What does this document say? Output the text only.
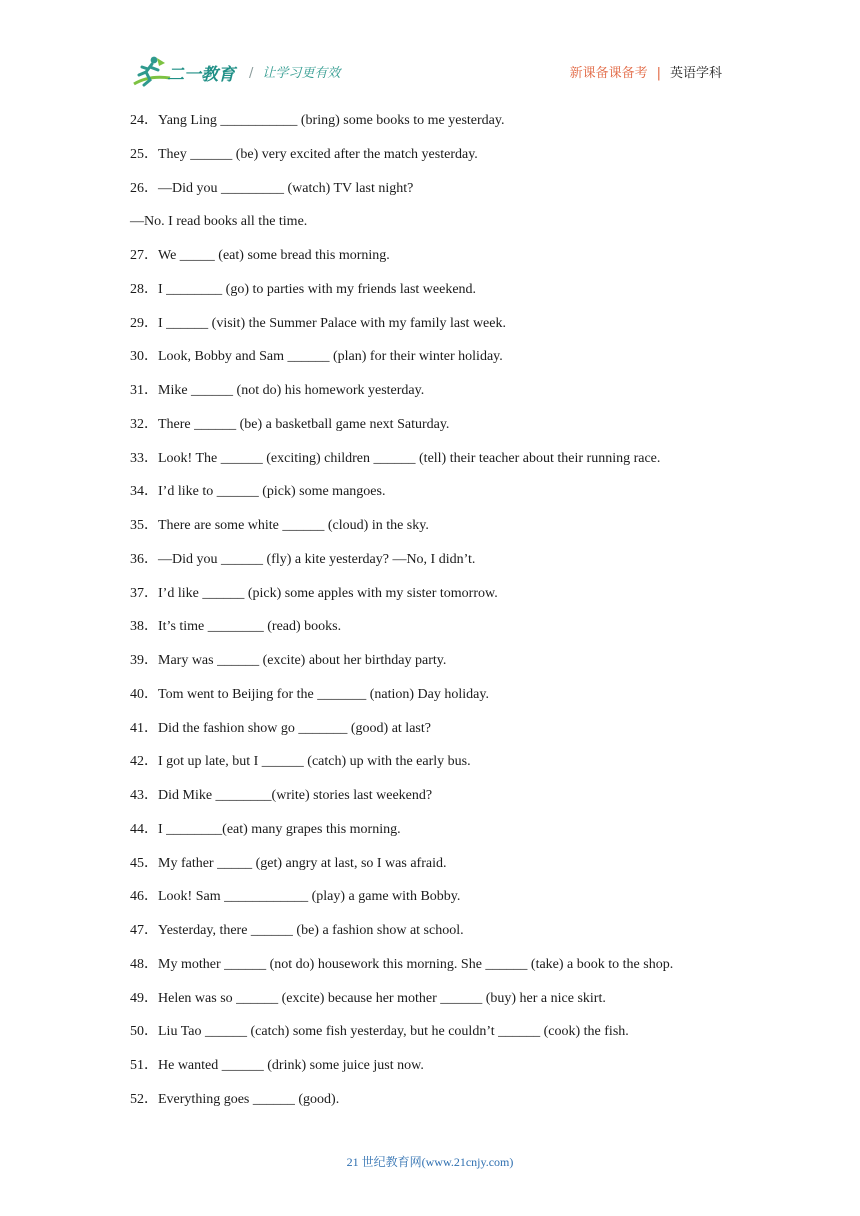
二一教育 / 让学习更有效	新课备课备考 | 英语学科
24．Yang Ling ___________ (bring) some books to me yesterday.
25．They ______ (be) very excited after the match yesterday.
26．—Did you _________ (watch) TV last night?
—No. I read books all the time.
27．We _____ (eat) some bread this morning.
28．I ________ (go) to parties with my friends last weekend.
29．I ______ (visit) the Summer Palace with my family last week.
30．Look, Bobby and Sam ______ (plan) for their winter holiday.
31．Mike ______ (not do) his homework yesterday.
32．There ______ (be) a basketball game next Saturday.
33．Look! The ______ (exciting) children ______ (tell) their teacher about their running race.
34．I’d like to ______ (pick) some mangoes.
35．There are some white ______ (cloud) in the sky.
36．—Did you ______ (fly) a kite yesterday? —No, I didn’t.
37．I’d like ______ (pick) some apples with my sister tomorrow.
38．It’s time ________ (read) books.
39．Mary was ______ (excite) about her birthday party.
40．Tom went to Beijing for the _______ (nation) Day holiday.
41．Did the fashion show go _______ (good) at last?
42．I got up late, but I ______ (catch) up with the early bus.
43．Did Mike ________(write) stories last weekend?
44．I ________(eat) many grapes this morning.
45．My father _____ (get) angry at last, so I was afraid.
46．Look! Sam ____________ (play) a game with Bobby.
47．Yesterday, there ______ (be) a fashion show at school.
48．My mother ______ (not do) housework this morning. She ______ (take) a book to the shop.
49．Helen was so ______ (excite) because her mother ______ (buy) her a nice skirt.
50．Liu Tao ______ (catch) some fish yesterday, but he couldn’t ______ (cook) the fish.
51．He wanted ______ (drink) some juice just now.
52．Everything goes ______ (good).
21 世纪教育网(www.21cnjy.com)
